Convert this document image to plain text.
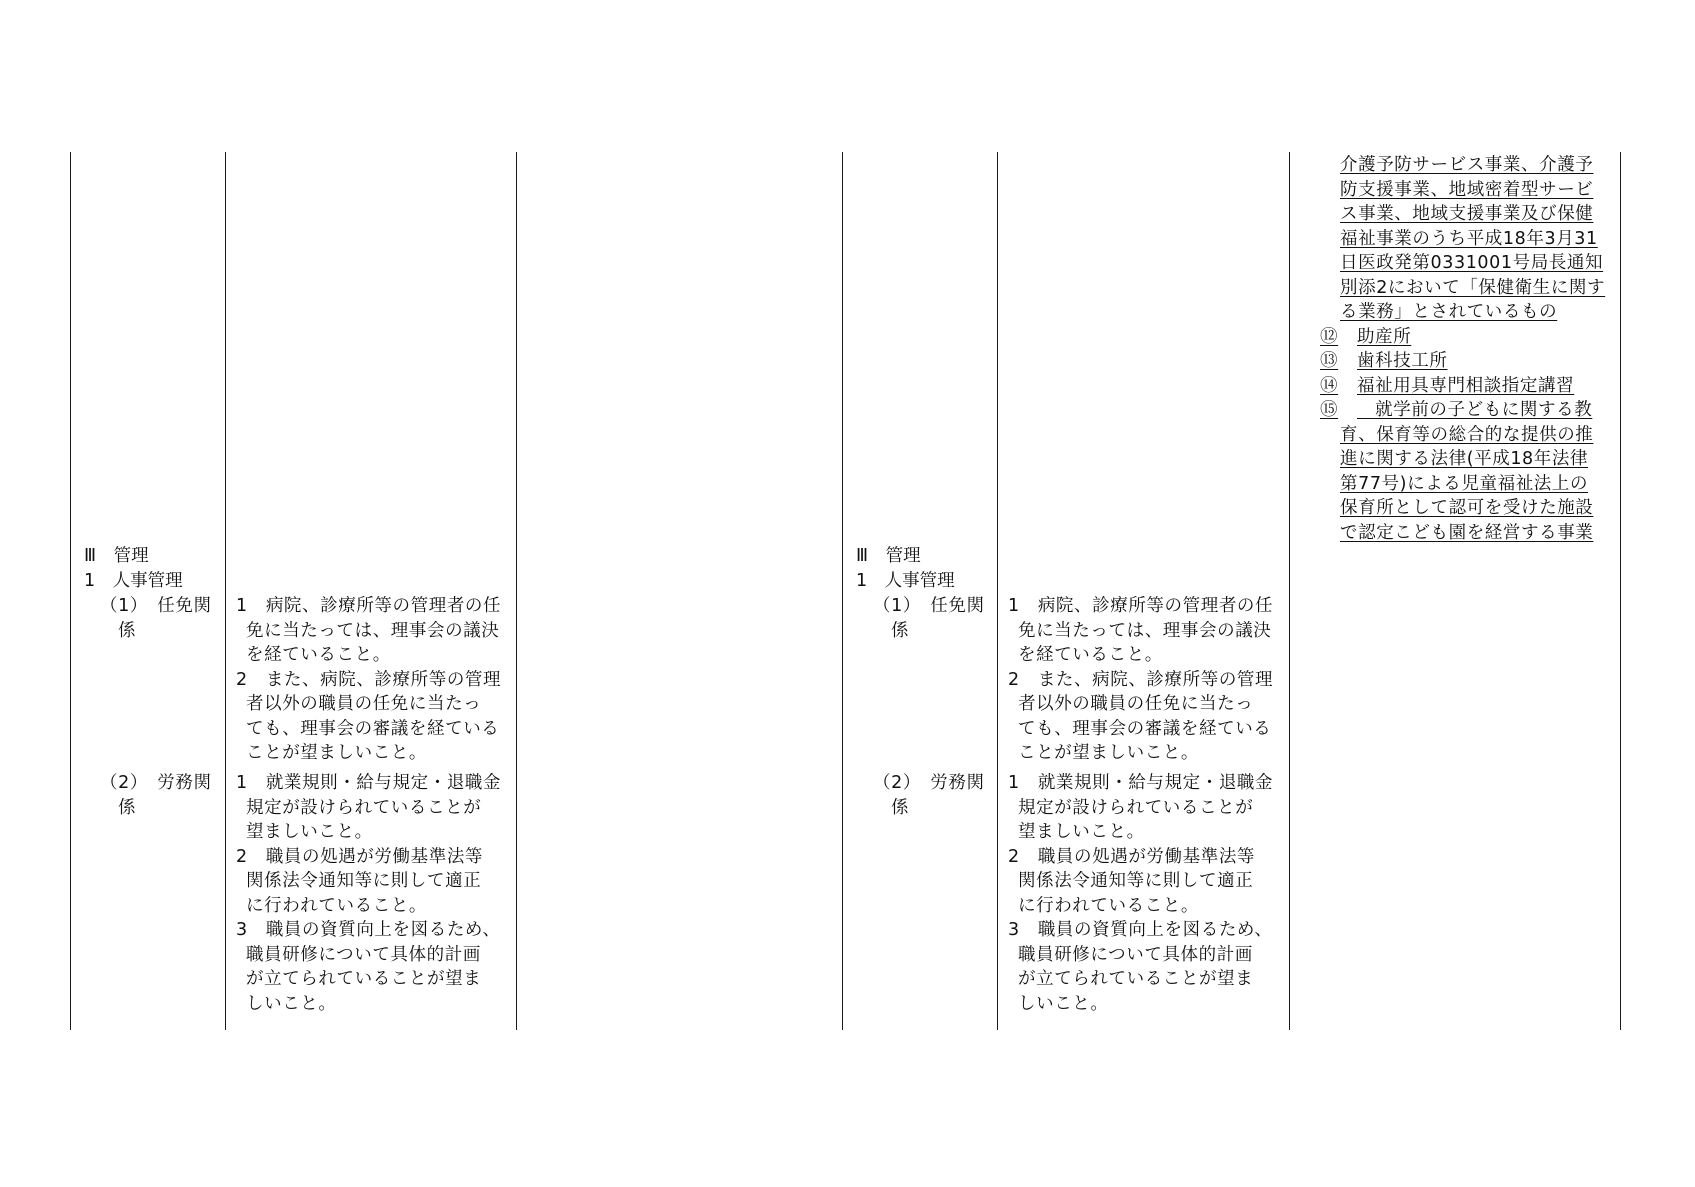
Ⅲ　管理
1　人事管理
（1）　任免関
係
1　病院、診療所等の管理者の任
免に当たっては、理事会の議決
を経ていること。
2　また、病院、診療所等の管理
者以外の職員の任免に当たっ
ても、理事会の審議を経ている
ことが望ましいこと。
（2）　労務関
係
1　就業規則・給与規定・退職金
規定が設けられていることが
望ましいこと。
2　職員の処遇が労働基準法等
関係法令通知等に則して適正
に行われていること。
3　職員の資質向上を図るため、
職員研修について具体的計画
が立てられていることが望ま
しいこと。
Ⅲ　管理
1　人事管理
（1）　任免関
係
1　病院、診療所等の管理者の任
免に当たっては、理事会の議決
を経ていること。
2　また、病院、診療所等の管理
者以外の職員の任免に当たっ
ても、理事会の審議を経ている
ことが望ましいこと。
（2）　労務関
係
1　就業規則・給与規定・退職金
規定が設けられていることが
望ましいこと。
2　職員の処遇が労働基準法等
関係法令通知等に則して適正
に行われていること。
3　職員の資質向上を図るため、
職員研修について具体的計画
が立てられていることが望ま
しいこと。
介護予防サービス事業、介護予
防支援事業、地域密着型サービ
ス事業、地域支援事業及び保健
福祉事業のうち平成18年3月31
日医政発第0331001号局長通知
別添2において「保健衛生に関す
る業務」とされているもの
⑫ 助産所
⑬ 歯科技工所
⑭ 福祉用具専門相談指定講習
⑮　就学前の子どもに関する教
育、保育等の総合的な提供の推
進に関する法律(平成18年法律
第77号)による児童福祉法上の
保育所として認可を受けた施設
で認定こども園を経営する事業
